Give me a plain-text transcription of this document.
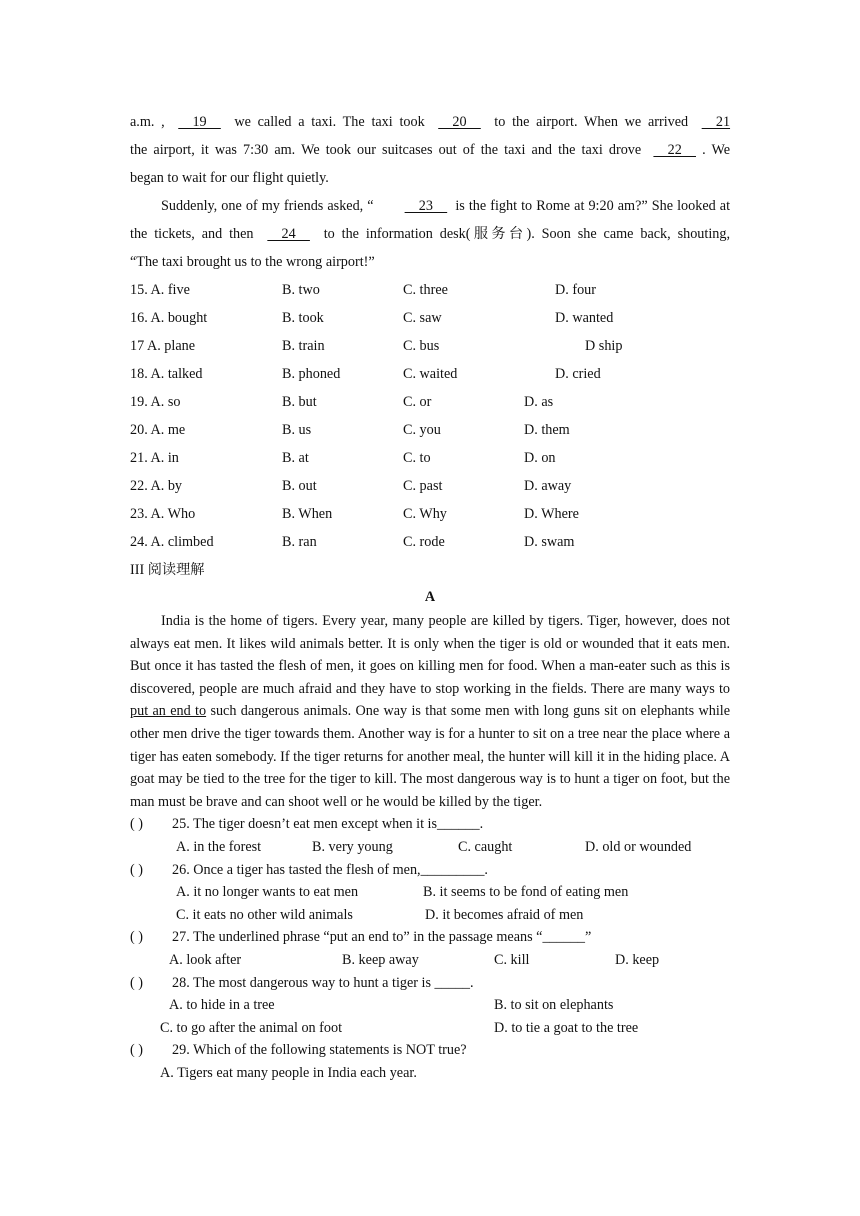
a.m. ,      19      we called a taxi. The taxi took      20      to the airport. When we arrived      21

the airport, it was 7:30 am. We took our suitcases out of the taxi and the taxi drove      22     . We

began to wait for our flight quietly.

Suddenly, one of my friends asked, “    23      is the fight to Rome at 9:20 am?” She looked at

the tickets, and then      24      to the information desk(服务台). Soon she came back, shouting,

“The taxi brought us to the wrong airport!”

15. A. five	B. two	C. three	D. four
16. A. bought	B. took	C. saw	D. wanted
17 A. plane	B. train	C. bus	D ship
18. A. talked	B. phoned	C. waited	D. cried
19. A. so	B. but	C. or	D. as
20. A. me	B. us	C. you	D. them
21. A. in	B. at	C. to	D. on
22. A. by	B. out	C. past	D. away
23. A. Who	B. When	C. Why	D. Where
24. A. climbed	B. ran	C. rode	D. swam
III 阅读理解
A

India is the home of tigers. Every year, many people are killed by tigers. Tiger, however, does not always eat men. It likes wild animals better. It is only when the tiger is old or wounded that it eats men. But once it has tasted the flesh of men, it goes on killing men for food. When a man-eater such as this is discovered, people are much afraid and they have to stop working in the fields. There are many ways to put an end to such dangerous animals. One way is that some men with long guns sit on elephants while other men drive the tiger towards them. Another way is for a hunter to sit on a tree near the place where a tiger has eaten somebody. If the tiger returns for another meal, the hunter will kill it in the hiding place. A goat may be tied to the tree for the tiger to kill. The most dangerous way is to hunt a tiger on foot, but the man must be brave and can shoot well or he would be killed by the tiger.

( ) 25. The tiger doesn’t eat men except when it is______.
A. in the forest	B. very young	C. caught	D. old or wounded
( ) 26. Once a tiger has tasted the flesh of men,_________.
A. it no longer wants to eat men	B. it seems to be fond of eating men
C. it eats no other wild animals	D. it becomes afraid of men
( ) 27. The underlined phrase “put an end to” in the passage means “______”
A. look after	B. keep away	C. kill	D. keep
( ) 28. The most dangerous way to hunt a tiger is _____.
A. to hide in a tree	B. to sit on elephants
C. to go after the animal on foot	D. to tie a goat to the tree
( ) 29. Which of the following statements is NOT true?
A. Tigers eat many people in India each year.
